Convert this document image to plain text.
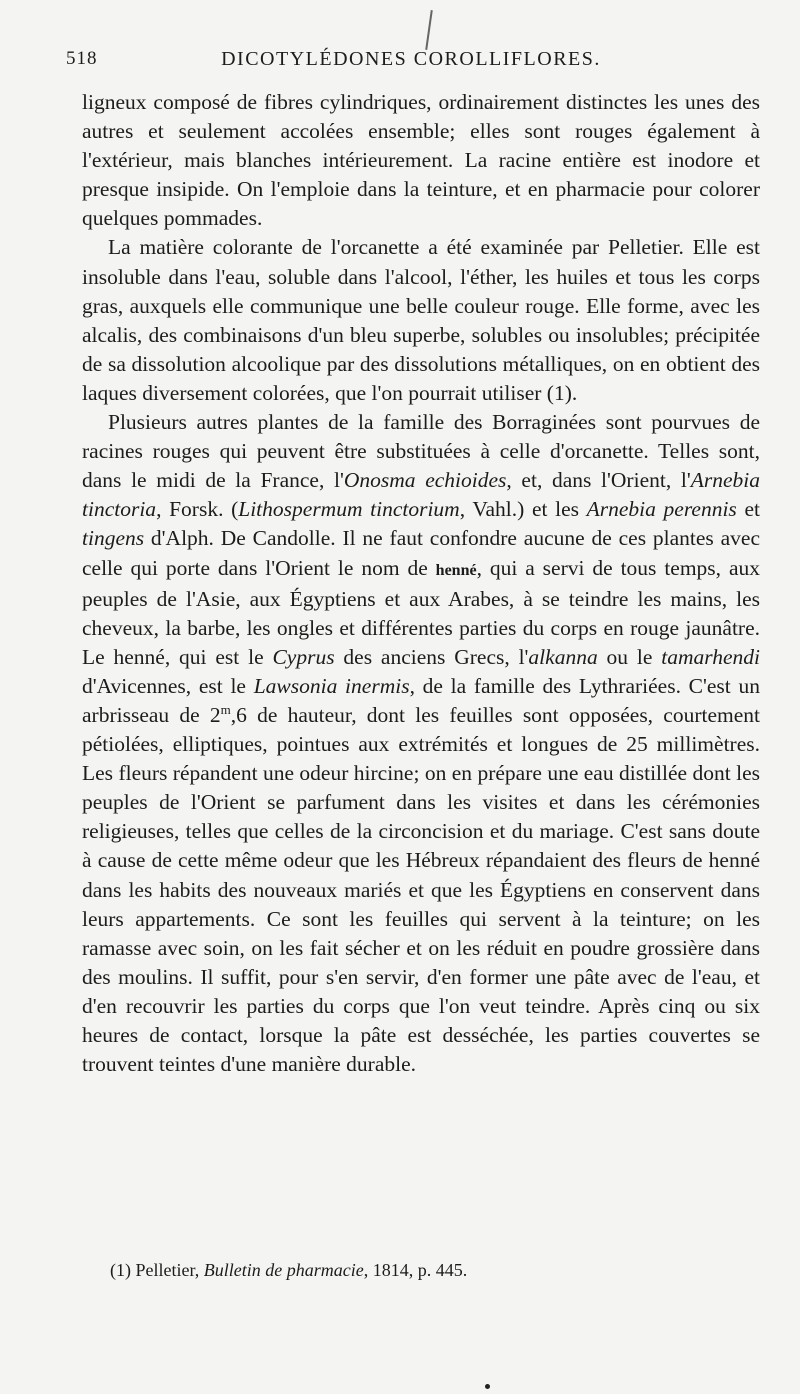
518	DICOTYLÉDONES COROLLIFLORES.

ligneux composé de fibres cylindriques, ordinairement distinctes les unes des autres et seulement accolées ensemble; elles sont rouges également à l'extérieur, mais blanches intérieurement. La racine entière est inodore et presque insipide. On l'emploie dans la teinture, et en pharmacie pour colorer quelques pommades.

La matière colorante de l'orcanette a été examinée par Pelletier. Elle est insoluble dans l'eau, soluble dans l'alcool, l'éther, les huiles et tous les corps gras, auxquels elle communique une belle couleur rouge. Elle forme, avec les alcalis, des combinaisons d'un bleu superbe, solubles ou insolubles; précipitée de sa dissolution alcoolique par des dissolutions métalliques, on en obtient des laques diversement colorées, que l'on pourrait utiliser (1).

Plusieurs autres plantes de la famille des Borraginées sont pourvues de racines rouges qui peuvent être substituées à celle d'orcanette. Telles sont, dans le midi de la France, l'Onosma echioides, et, dans l'Orient, l'Arnebia tinctoria, Forsk. (Lithospermum tinctorium, Vahl.) et les Arnebia perennis et tingens d'Alph. De Candolle. Il ne faut confondre aucune de ces plantes avec celle qui porte dans l'Orient le nom de henné, qui a servi de tous temps, aux peuples de l'Asie, aux Égyptiens et aux Arabes, à se teindre les mains, les cheveux, la barbe, les ongles et différentes parties du corps en rouge jaunâtre. Le henné, qui est le Cyprus des anciens Grecs, l'alkanna ou le tamarhendi d'Avicennes, est le Lawsonia inermis, de la famille des Lythrariées. C'est un arbrisseau de 2$^m$,6 de hauteur, dont les feuilles sont opposées, courtement pétiolées, elliptiques, pointues aux extrémités et longues de 25 millimètres. Les fleurs répandent une odeur hircine; on en prépare une eau distillée dont les peuples de l'Orient se parfument dans les visites et dans les cérémonies religieuses, telles que celles de la circoncision et du mariage. C'est sans doute à cause de cette même odeur que les Hébreux répandaient des fleurs de henné dans les habits des nouveaux mariés et que les Égyptiens en conservent dans leurs appartements. Ce sont les feuilles qui servent à la teinture; on les ramasse avec soin, on les fait sécher et on les réduit en poudre grossière dans des moulins. Il suffit, pour s'en servir, d'en former une pâte avec de l'eau, et d'en recouvrir les parties du corps que l'on veut teindre. Après cinq ou six heures de contact, lorsque la pâte est desséchée, les parties couvertes se trouvent teintes d'une manière durable.

(1) Pelletier, Bulletin de pharmacie, 1814, p. 445.
